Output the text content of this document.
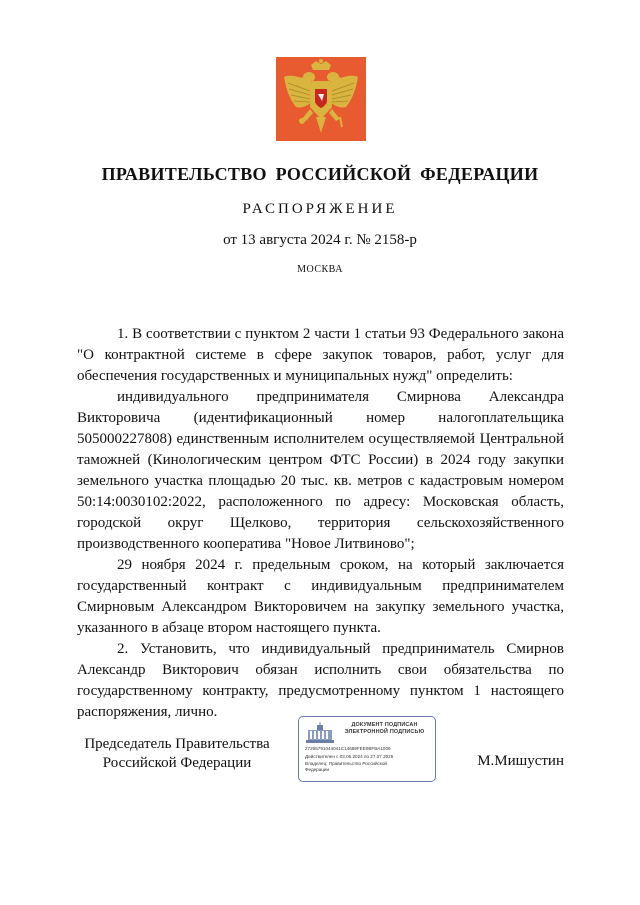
ПРАВИТЕЛЬСТВО РОССИЙСКОЙ ФЕДЕРАЦИИ
РАСПОРЯЖЕНИЕ
от 13 августа 2024 г. № 2158-р
МОСКВА

1. В соответствии с пунктом 2 части 1 статьи 93 Федерального закона "О контрактной системе в сфере закупок товаров, работ, услуг для обеспечения государственных и муниципальных нужд" определить:

индивидуального предпринимателя Смирнова Александра Викторовича (идентификационный номер налогоплательщика 505000227808) единственным исполнителем осуществляемой Центральной таможней (Кинологическим центром ФТС России) в 2024 году закупки земельного участка площадью 20 тыс. кв. метров с кадастровым номером 50:14:0030102:2022, расположенного по адресу: Московская область, городской округ Щелково, территория сельскохозяйственного производственного кооператива "Новое Литвиново";

29 ноября 2024 г. предельным сроком, на который заключается государственный контракт с индивидуальным предпринимателем Смирновым Александром Викторовичем на закупку земельного участка, указанного в абзаце втором настоящего пункта.

2. Установить, что индивидуальный предприниматель Смирнов Александр Викторович обязан исполнить свои обязательства по государственному контракту, предусмотренному пунктом 1 настоящего распоряжения, лично.

Председатель Правительства
Российской Федерации
ДОКУМЕНТ ПОДПИСАН
ЭЛЕКТРОННОЙ ПОДПИСЬЮ
27265791044041C14689FEE0BFBA1009
Действителен с 03.05.2024 по 27.07.2025
Владелец: Правительство Российской
Федерации
М.Мишустин
